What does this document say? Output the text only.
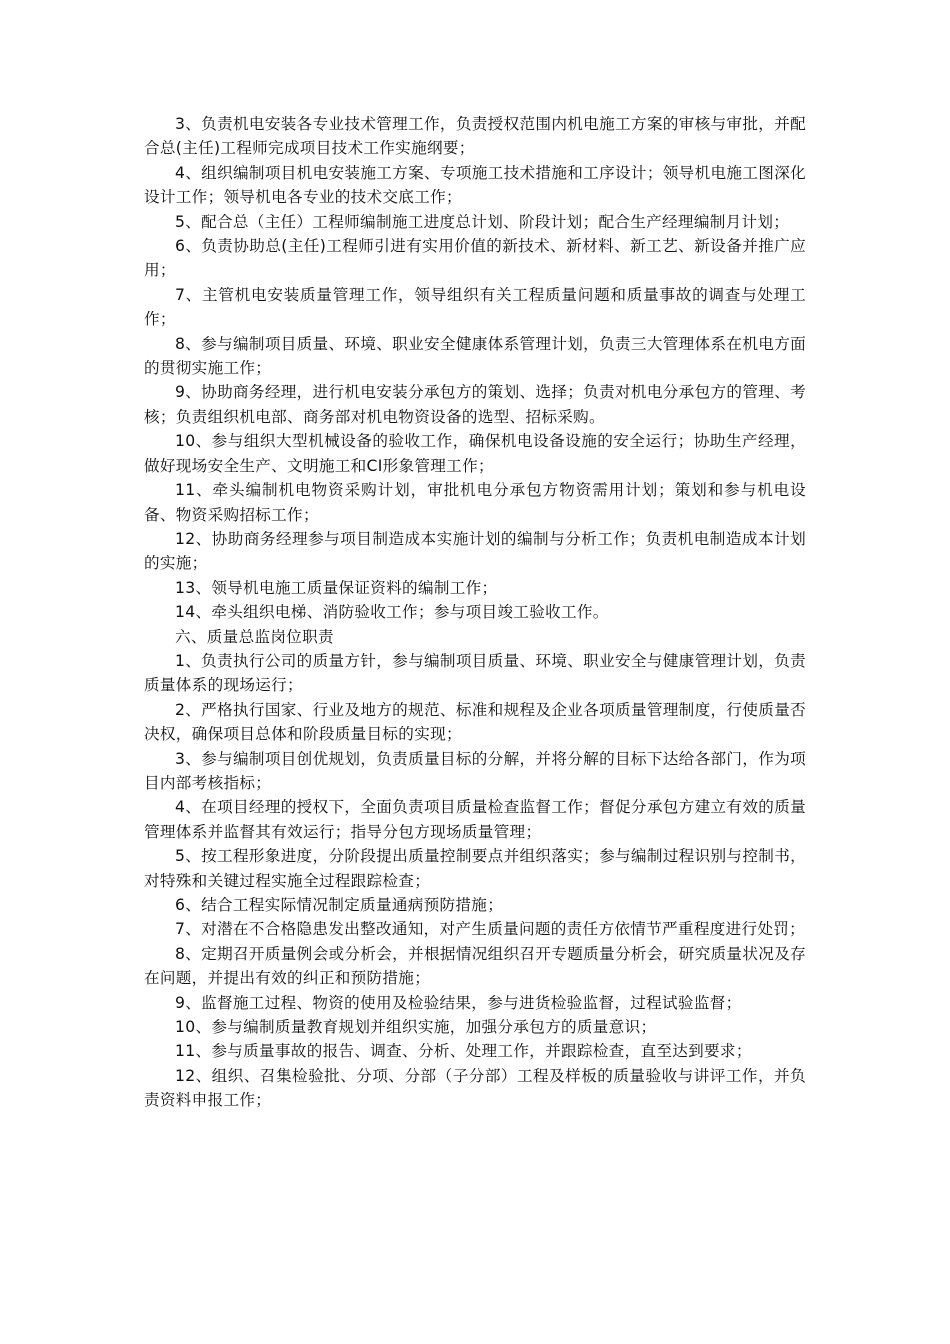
3、负责机电安装各专业技术管理工作，负责授权范围内机电施工方案的审核与审批，并配合总(主任)工程师完成项目技术工作实施纲要；

4、组织编制项目机电安装施工方案、专项施工技术措施和工序设计；领导机电施工图深化设计工作；领导机电各专业的技术交底工作；

5、配合总（主任）工程师编制施工进度总计划、阶段计划；配合生产经理编制月计划；

6、负责协助总(主任)工程师引进有实用价值的新技术、新材料、新工艺、新设备并推广应用；

7、主管机电安装质量管理工作，领导组织有关工程质量问题和质量事故的调查与处理工作；

8、参与编制项目质量、环境、职业安全健康体系管理计划，负责三大管理体系在机电方面的贯彻实施工作；

9、协助商务经理，进行机电安装分承包方的策划、选择；负责对机电分承包方的管理、考核；负责组织机电部、商务部对机电物资设备的选型、招标采购。

10、参与组织大型机械设备的验收工作，确保机电设备设施的安全运行；协助生产经理，做好现场安全生产、文明施工和CI形象管理工作；

11、牵头编制机电物资采购计划，审批机电分承包方物资需用计划；策划和参与机电设备、物资采购招标工作；

12、协助商务经理参与项目制造成本实施计划的编制与分析工作；负责机电制造成本计划的实施；

13、领导机电施工质量保证资料的编制工作；

14、牵头组织电梯、消防验收工作；参与项目竣工验收工作。

六、质量总监岗位职责

1、负责执行公司的质量方针，参与编制项目质量、环境、职业安全与健康管理计划，负责质量体系的现场运行；

2、严格执行国家、行业及地方的规范、标准和规程及企业各项质量管理制度，行使质量否决权，确保项目总体和阶段质量目标的实现；

3、参与编制项目创优规划，负责质量目标的分解，并将分解的目标下达给各部门，作为项目内部考核指标；

4、在项目经理的授权下，全面负责项目质量检查监督工作；督促分承包方建立有效的质量管理体系并监督其有效运行；指导分包方现场质量管理；

5、按工程形象进度，分阶段提出质量控制要点并组织落实；参与编制过程识别与控制书，对特殊和关键过程实施全过程跟踪检查；

6、结合工程实际情况制定质量通病预防措施；

7、对潜在不合格隐患发出整改通知，对产生质量问题的责任方依情节严重程度进行处罚；

8、定期召开质量例会或分析会，并根据情况组织召开专题质量分析会，研究质量状况及存在问题，并提出有效的纠正和预防措施；

9、监督施工过程、物资的使用及检验结果，参与进货检验监督，过程试验监督；

10、参与编制质量教育规划并组织实施，加强分承包方的质量意识；

11、参与质量事故的报告、调查、分析、处理工作，并跟踪检查，直至达到要求；

12、组织、召集检验批、分项、分部（子分部）工程及样板的质量验收与讲评工作，并负责资料申报工作；
